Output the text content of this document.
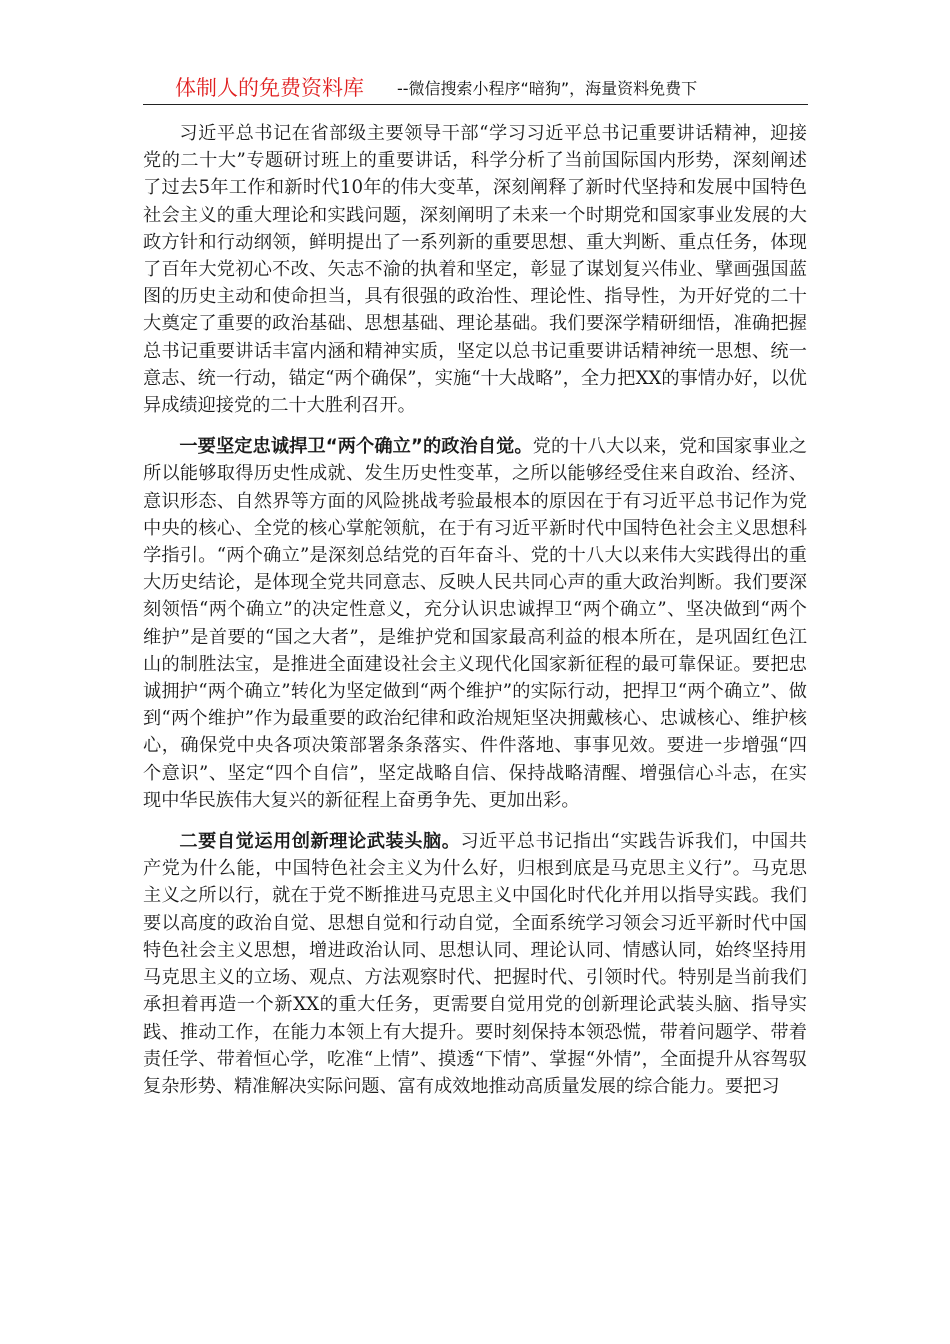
体制人的免费资料库 --微信搜索小程序“暗狗”，海量资料免费下

习近平总书记在省部级主要领导干部“学习习近平总书记重要讲话精神，迎接党的二十大”专题研讨班上的重要讲话，科学分析了当前国际国内形势，深刻阐述了过去5年工作和新时代10年的伟大变革，深刻阐释了新时代坚持和发展中国特色社会主义的重大理论和实践问题，深刻阐明了未来一个时期党和国家事业发展的大政方针和行动纲领，鲜明提出了一系列新的重要思想、重大判断、重点任务，体现了百年大党初心不改、矢志不渝的执着和坚定，彰显了谋划复兴伟业、擘画强国蓝图的历史主动和使命担当，具有很强的政治性、理论性、指导性，为开好党的二十大奠定了重要的政治基础、思想基础、理论基础。我们要深学精研细悟，准确把握总书记重要讲话丰富内涵和精神实质，坚定以总书记重要讲话精神统一思想、统一意志、统一行动，锚定“两个确保”，实施“十大战略”，全力把XX的事情办好，以优异成绩迎接党的二十大胜利召开。

一要坚定忠诚捍卫“两个确立”的政治自觉。党的十八大以来，党和国家事业之所以能够取得历史性成就、发生历史性变革，之所以能够经受住来自政治、经济、意识形态、自然界等方面的风险挑战考验最根本的原因在于有习近平总书记作为党中央的核心、全党的核心掌舵领航，在于有习近平新时代中国特色社会主义思想科学指引。“两个确立”是深刻总结党的百年奋斗、党的十八大以来伟大实践得出的重大历史结论，是体现全党共同意志、反映人民共同心声的重大政治判断。我们要深刻领悟“两个确立”的决定性意义，充分认识忠诚捍卫“两个确立”、坚决做到“两个维护”是首要的“国之大者”，是维护党和国家最高利益的根本所在，是巩固红色江山的制胜法宝，是推进全面建设社会主义现代化国家新征程的最可靠保证。要把忠诚拥护“两个确立”转化为坚定做到“两个维护”的实际行动，把捍卫“两个确立”、做到“两个维护”作为最重要的政治纪律和政治规矩坚决拥戴核心、忠诚核心、维护核心，确保党中央各项决策部署条条落实、件件落地、事事见效。要进一步增强“四个意识”、坚定“四个自信”，坚定战略自信、保持战略清醒、增强信心斗志，在实现中华民族伟大复兴的新征程上奋勇争先、更加出彩。

二要自觉运用创新理论武装头脑。习近平总书记指出“实践告诉我们，中国共产党为什么能，中国特色社会主义为什么好，归根到底是马克思主义行”。马克思主义之所以行，就在于党不断推进马克思主义中国化时代化并用以指导实践。我们要以高度的政治自觉、思想自觉和行动自觉，全面系统学习领会习近平新时代中国特色社会主义思想，增进政治认同、思想认同、理论认同、情感认同，始终坚持用马克思主义的立场、观点、方法观察时代、把握时代、引领时代。特别是当前我们承担着再造一个新XX的重大任务，更需要自觉用党的创新理论武装头脑、指导实践、推动工作，在能力本领上有大提升。要时刻保持本领恐慌，带着问题学、带着责任学、带着恒心学，吃准“上情”、摸透“下情”、掌握“外情”，全面提升从容驾驭复杂形势、精准解决实际问题、富有成效地推动高质量发展的综合能力。要把习
